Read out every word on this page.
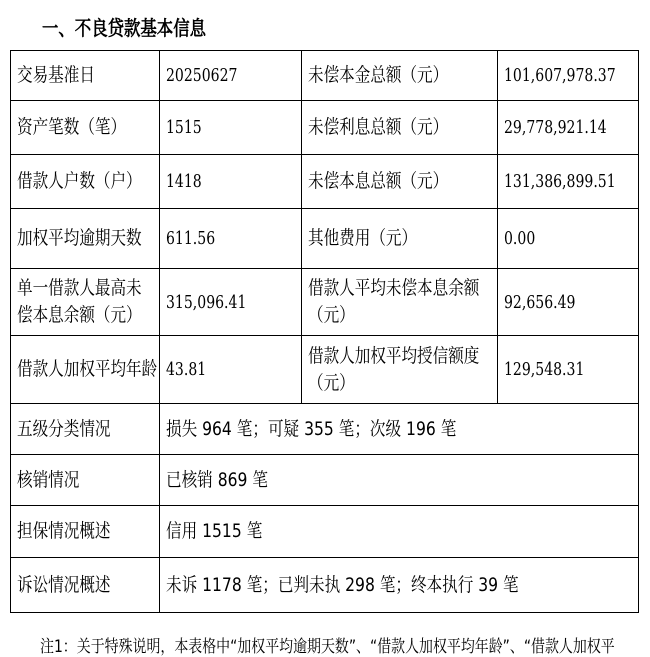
一、不良贷款基本信息
交易基准日	20250627	未偿本金总额（元）	101,607,978.37
资产笔数（笔）	1515	未偿利息总额（元）	29,778,921.14
借款人户数（户）	1418	未偿本息总额（元）	131,386,899.51
加权平均逾期天数	611.56	其他费用（元）	0.00
单一借款人最高未偿本息余额（元）	315,096.41	借款人平均未偿本息余额（元）	92,656.49
借款人加权平均年龄	43.81	借款人加权平均授信额度（元）	129,548.31
五级分类情况	损失 964 笔；可疑 355 笔；次级 196 笔		
核销情况	已核销 869 笔		
担保情况概述	信用 1515 笔		
诉讼情况概述	未诉 1178 笔；已判未执 298 笔；终本执行 39 笔		
注1：关于特殊说明，本表格中“加权平均逾期天数”、“借款人加权平均年龄”、“借款人加权平
